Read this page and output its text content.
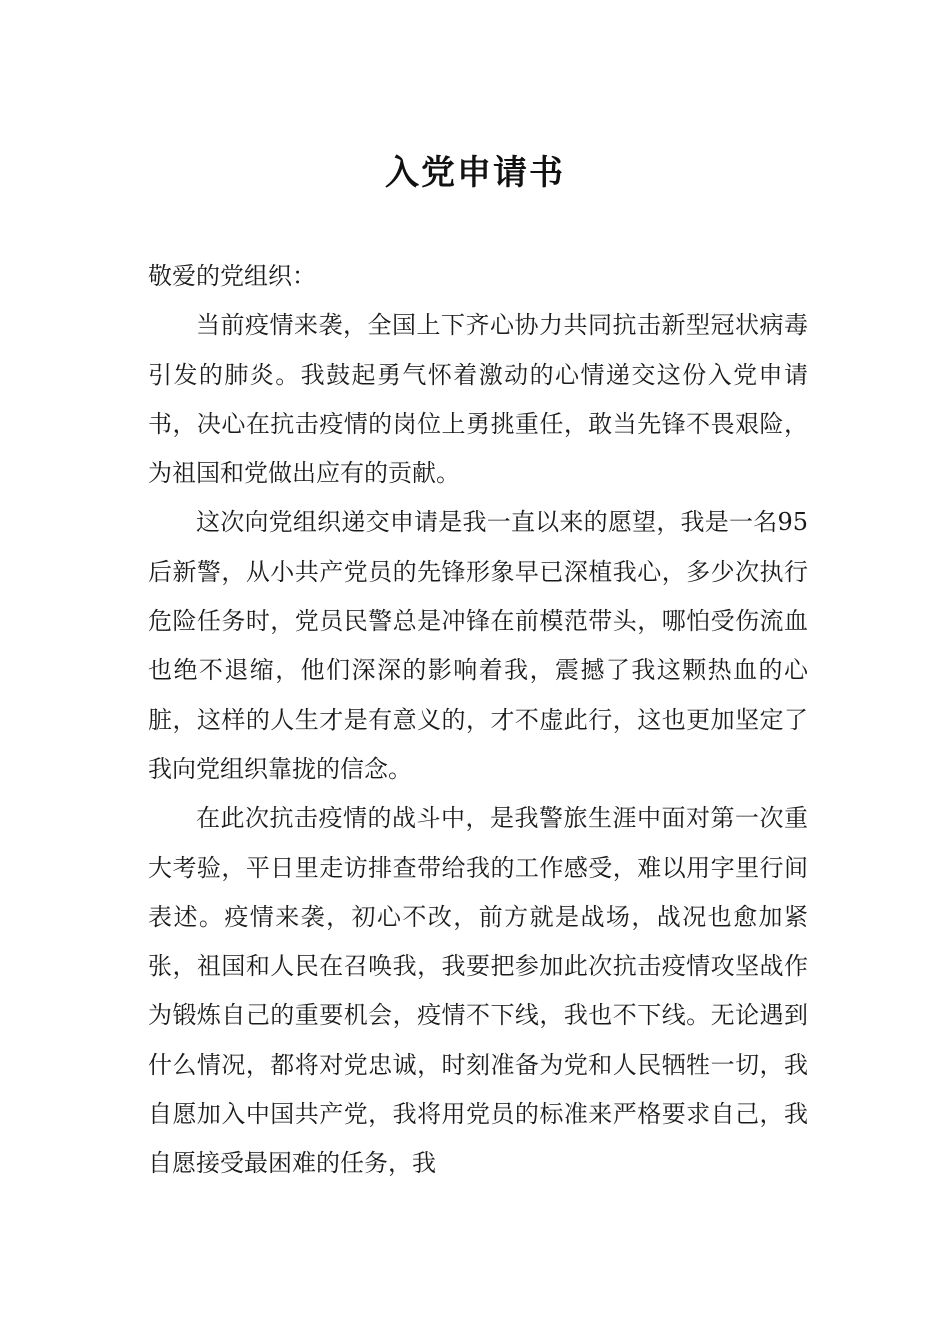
入党申请书

敬爱的党组织：

当前疫情来袭，全国上下齐心协力共同抗击新型冠状病毒引发的肺炎。我鼓起勇气怀着激动的心情递交这份入党申请书，决心在抗击疫情的岗位上勇挑重任，敢当先锋不畏艰险，为祖国和党做出应有的贡献。

这次向党组织递交申请是我一直以来的愿望，我是一名95后新警，从小共产党员的先锋形象早已深植我心，多少次执行危险任务时，党员民警总是冲锋在前模范带头，哪怕受伤流血也绝不退缩，他们深深的影响着我，震撼了我这颗热血的心脏，这样的人生才是有意义的，才不虚此行，这也更加坚定了我向党组织靠拢的信念。

在此次抗击疫情的战斗中，是我警旅生涯中面对第一次重大考验，平日里走访排查带给我的工作感受，难以用字里行间表述。疫情来袭，初心不改，前方就是战场，战况也愈加紧张，祖国和人民在召唤我，我要把参加此次抗击疫情攻坚战作为锻炼自己的重要机会，疫情不下线，我也不下线。无论遇到什么情况，都将对党忠诚，时刻准备为党和人民牺牲一切，我自愿加入中国共产党，我将用党员的标准来严格要求自己，我自愿接受最困难的任务，我
